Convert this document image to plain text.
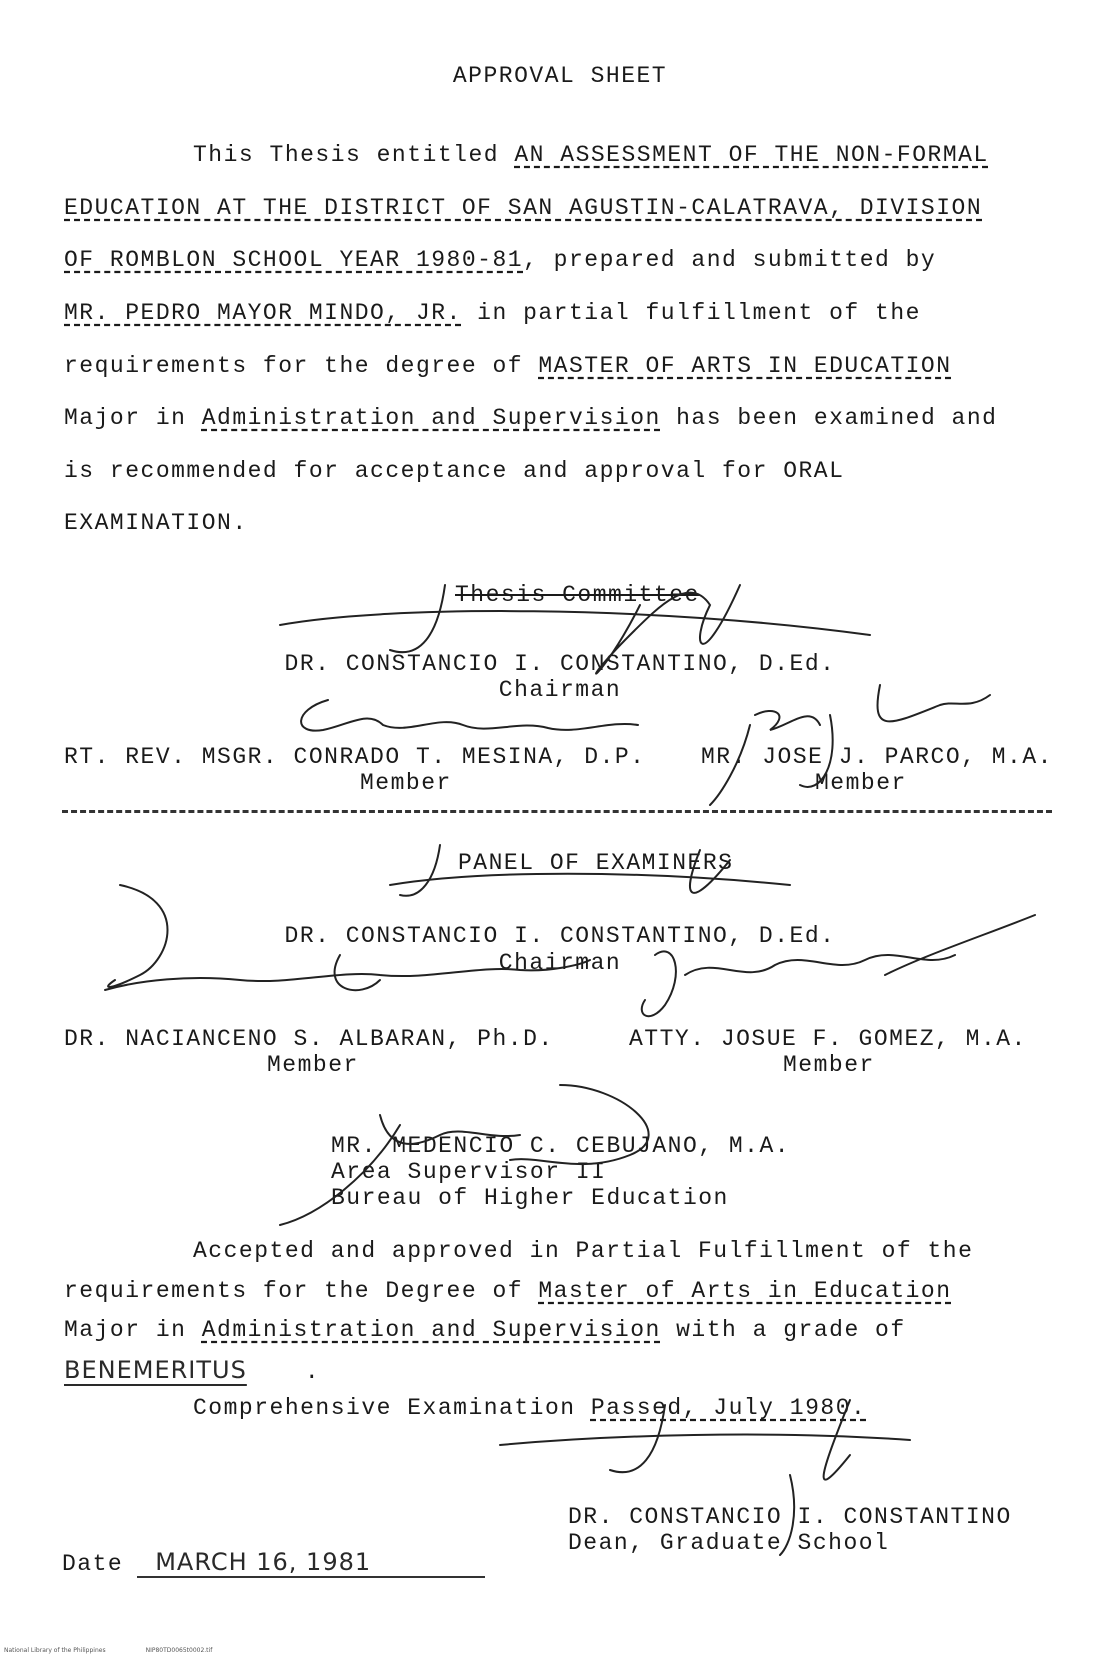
APPROVAL SHEET
This Thesis entitled AN ASSESSMENT OF THE NON-FORMAL
EDUCATION AT THE DISTRICT OF SAN AGUSTIN-CALATRAVA, DIVISION
OF ROMBLON SCHOOL YEAR 1980-81, prepared and submitted by
MR. PEDRO MAYOR MINDO, JR. in partial fulfillment of the
requirements for the degree of MASTER OF ARTS IN EDUCATION
Major in Administration and Supervision has been examined and
is recommended for acceptance and approval for ORAL
EXAMINATION.
Thesis Committee
DR. CONSTANCIO I. CONSTANTINO, D.Ed.
Chairman
RT. REV. MSGR. CONRADO T. MESINA, D.P.
Member
MR. JOSE J. PARCO, M.A.
Member
PANEL OF EXAMINERS
DR. CONSTANCIO I. CONSTANTINO, D.Ed.
Chairman
DR. NACIANCENO S. ALBARAN, Ph.D.
Member
ATTY. JOSUE F. GOMEZ, M.A.
Member
MR. MEDENCIO C. CEBUJANO, M.A.
Area Supervisor II
Bureau of Higher Education
Accepted and approved in Partial Fulfillment of the
requirements for the Degree of Master of Arts in Education
Major in Administration and Supervision with a grade of
BENEMERITUS	.
Comprehensive Examination Passed, July 1980.
DR. CONSTANCIO I. CONSTANTINO
Dean, Graduate School
Date MARCH 16, 1981
National Library of the Philippines	NIP80TD0065t0002.tif
